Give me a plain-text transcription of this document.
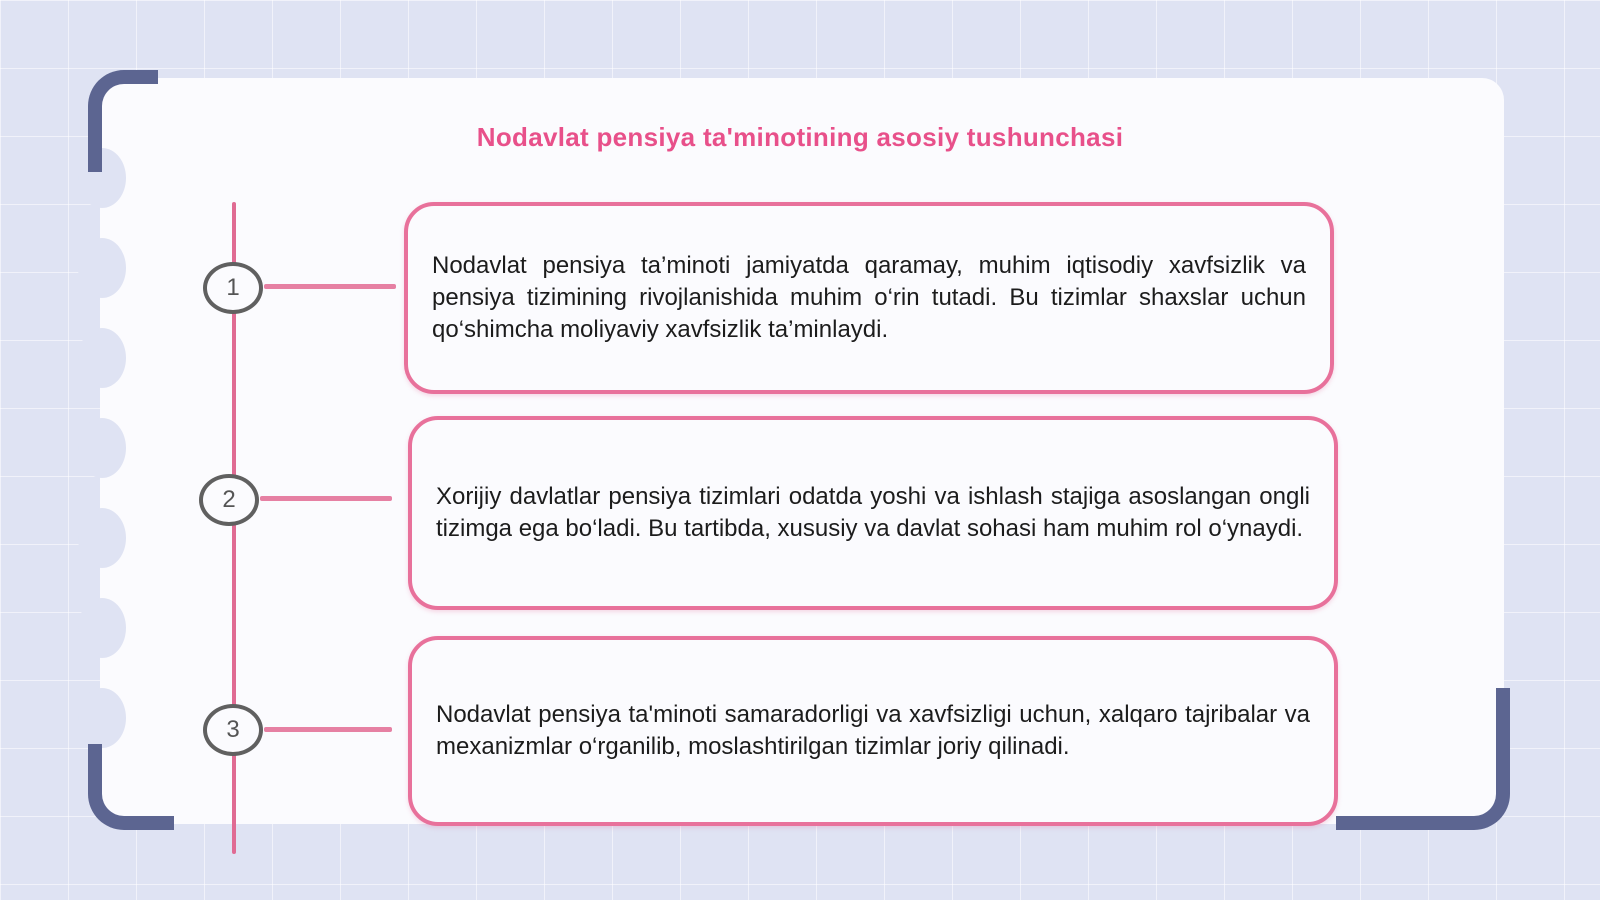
Nodavlat pensiya ta'minotining asosiy tushunchasi
1
Nodavlat pensiya ta’minoti jamiyatda qaramay, muhim iqtisodiy xavfsizlik va pensiya tizimining rivojlanishida muhim o‘rin tutadi. Bu tizimlar shaxslar uchun qo‘shimcha moliyaviy xavfsizlik ta’minlaydi.
2	Xorijiy davlatlar pensiya tizimlari odatda yoshi va ishlash stajiga asoslangan ongli tizimga ega bo‘ladi. Bu tartibda, xususiy va davlat sohasi ham muhim rol o‘ynaydi.
3
Nodavlat pensiya ta'minoti samaradorligi va xavfsizligi uchun, xalqaro tajribalar va mexanizmlar o‘rganilib, moslashtirilgan tizimlar joriy qilinadi.
